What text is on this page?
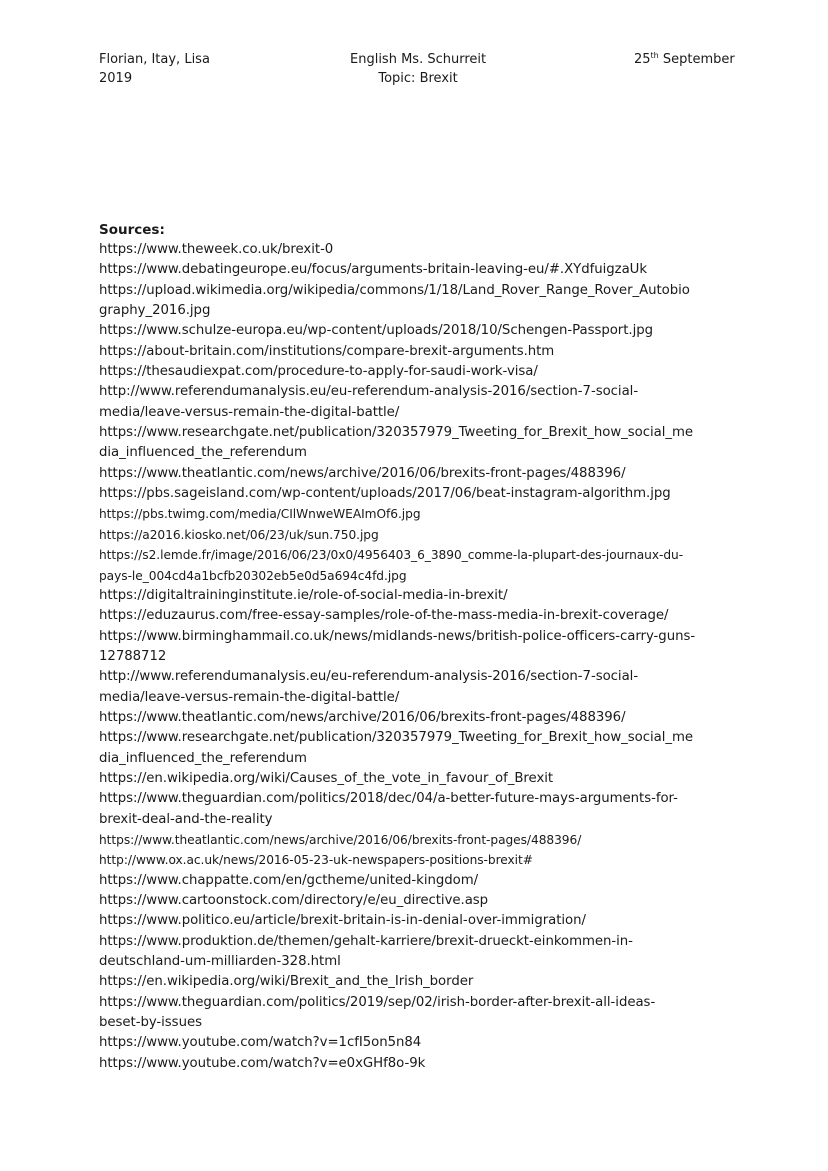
Florian, Itay, Lisa
2019
English Ms. Schurreit
Topic: Brexit
25th September
Sources:
https://www.theweek.co.uk/brexit-0
https://www.debatingeurope.eu/focus/arguments-britain-leaving-eu/#.XYdfuigzaUk
https://upload.wikimedia.org/wikipedia/commons/1/18/Land_Rover_Range_Rover_Autobio
graphy_2016.jpg
https://www.schulze-europa.eu/wp-content/uploads/2018/10/Schengen-Passport.jpg
https://about-britain.com/institutions/compare-brexit-arguments.htm
https://thesaudiexpat.com/procedure-to-apply-for-saudi-work-visa/
http://www.referendumanalysis.eu/eu-referendum-analysis-2016/section-7-social-
media/leave-versus-remain-the-digital-battle/
https://www.researchgate.net/publication/320357979_Tweeting_for_Brexit_how_social_me
dia_influenced_the_referendum
https://www.theatlantic.com/news/archive/2016/06/brexits-front-pages/488396/
https://pbs.sageisland.com/wp-content/uploads/2017/06/beat-instagram-algorithm.jpg
https://pbs.twimg.com/media/CIlWnweWEAImOf6.jpg
https://a2016.kiosko.net/06/23/uk/sun.750.jpg
https://s2.lemde.fr/image/2016/06/23/0x0/4956403_6_3890_comme-la-plupart-des-journaux-du-
pays-le_004cd4a1bcfb20302eb5e0d5a694c4fd.jpg
https://digitaltraininginstitute.ie/role-of-social-media-in-brexit/
https://eduzaurus.com/free-essay-samples/role-of-the-mass-media-in-brexit-coverage/
https://www.birminghammail.co.uk/news/midlands-news/british-police-officers-carry-guns-
12788712
http://www.referendumanalysis.eu/eu-referendum-analysis-2016/section-7-social-
media/leave-versus-remain-the-digital-battle/
https://www.theatlantic.com/news/archive/2016/06/brexits-front-pages/488396/
https://www.researchgate.net/publication/320357979_Tweeting_for_Brexit_how_social_me
dia_influenced_the_referendum
https://en.wikipedia.org/wiki/Causes_of_the_vote_in_favour_of_Brexit
https://www.theguardian.com/politics/2018/dec/04/a-better-future-mays-arguments-for-
brexit-deal-and-the-reality
https://www.theatlantic.com/news/archive/2016/06/brexits-front-pages/488396/
http://www.ox.ac.uk/news/2016-05-23-uk-newspapers-positions-brexit#
https://www.chappatte.com/en/gctheme/united-kingdom/
https://www.cartoonstock.com/directory/e/eu_directive.asp
https://www.politico.eu/article/brexit-britain-is-in-denial-over-immigration/
https://www.produktion.de/themen/gehalt-karriere/brexit-drueckt-einkommen-in-
deutschland-um-milliarden-328.html
https://en.wikipedia.org/wiki/Brexit_and_the_Irish_border
https://www.theguardian.com/politics/2019/sep/02/irish-border-after-brexit-all-ideas-
beset-by-issues
https://www.youtube.com/watch?v=1cfI5on5n84
https://www.youtube.com/watch?v=e0xGHf8o-9k
